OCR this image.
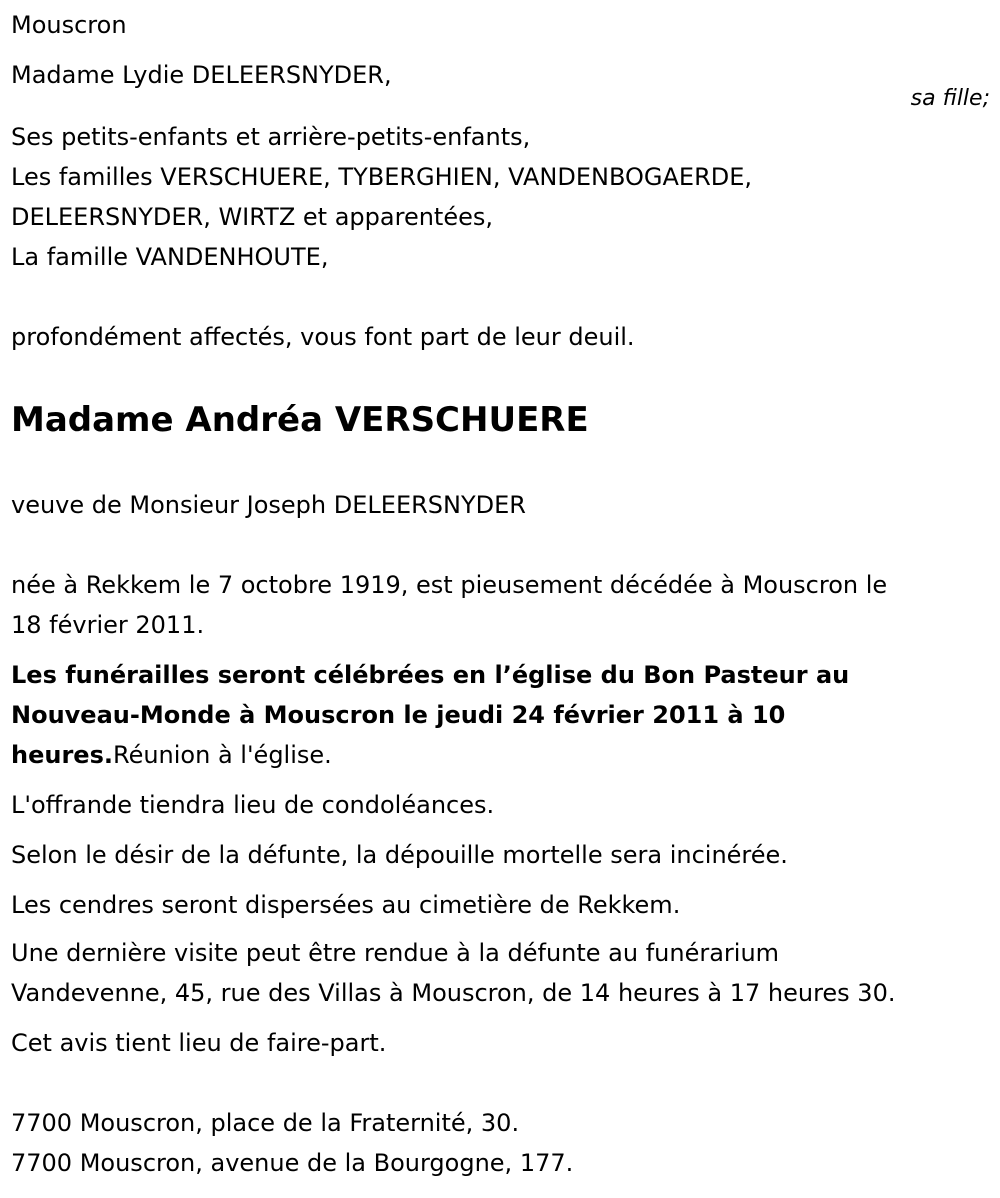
Mouscron

Madame Lydie DELEERSNYDER,

sa fille;

Ses petits-enfants et arrière-petits-enfants,

Les familles VERSCHUERE, TYBERGHIEN, VANDENBOGAERDE,

DELEERSNYDER, WIRTZ et apparentées,

La famille VANDENHOUTE,

profondément affectés, vous font part de leur deuil.

Madame Andréa VERSCHUERE

veuve de Monsieur Joseph DELEERSNYDER

née à Rekkem le 7 octobre 1919, est pieusement décédée à Mouscron le

18 février 2011.

Les funérailles seront célébrées en l’église du Bon Pasteur au

Nouveau-Monde à Mouscron le jeudi 24 février 2011 à 10

heures.Réunion à l'église.

L'offrande tiendra lieu de condoléances.

Selon le désir de la défunte, la dépouille mortelle sera incinérée.

Les cendres seront dispersées au cimetière de Rekkem.

Une dernière visite peut être rendue à la défunte au funérarium

Vandevenne, 45, rue des Villas à Mouscron, de 14 heures à 17 heures 30.

Cet avis tient lieu de faire-part.

7700 Mouscron, place de la Fraternité, 30.

7700 Mouscron, avenue de la Bourgogne, 177.
